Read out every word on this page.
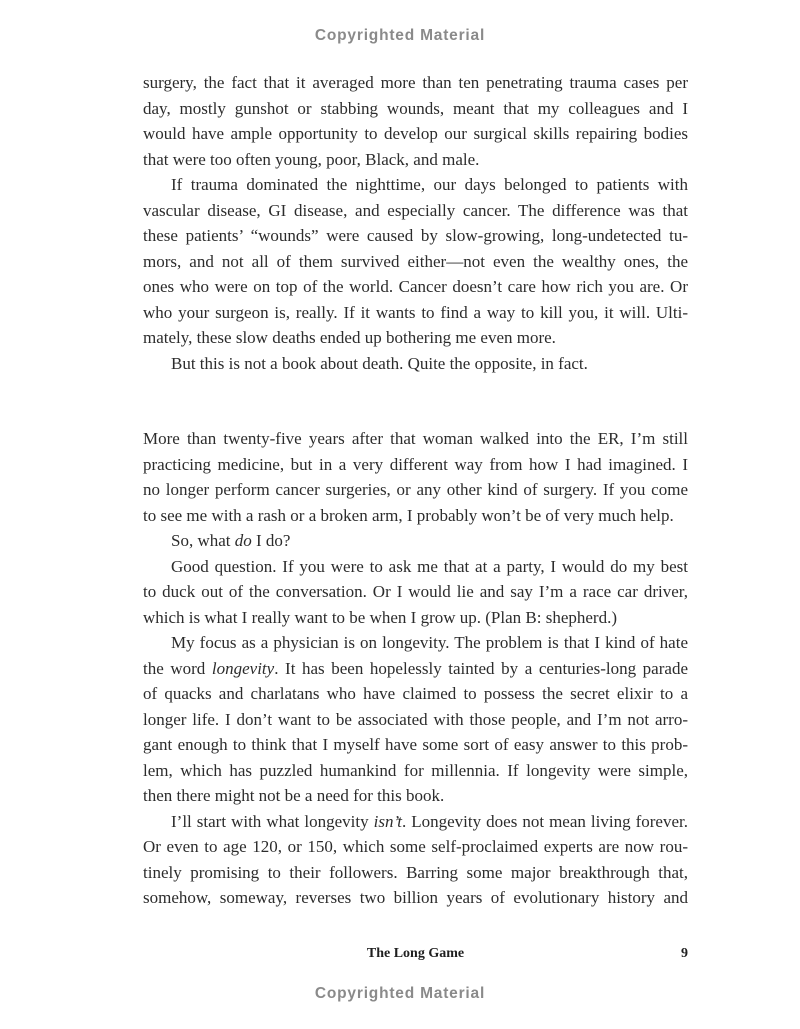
Copyrighted Material
surgery, the fact that it averaged more than ten penetrating trauma cases per
day, mostly gunshot or stabbing wounds, meant that my colleagues and I
would have ample opportunity to develop our surgical skills repairing bodies
that were too often young, poor, Black, and male.
If trauma dominated the nighttime, our days belonged to patients with
vascular disease, GI disease, and especially cancer. The difference was that
these patients’ “wounds” were caused by slow-growing, long-undetected tu-
mors, and not all of them survived either—not even the wealthy ones, the
ones who were on top of the world. Cancer doesn’t care how rich you are. Or
who your surgeon is, really. If it wants to find a way to kill you, it will. Ulti-
mately, these slow deaths ended up bothering me even more.
But this is not a book about death. Quite the opposite, in fact.
More than twenty-five years after that woman walked into the ER, I’m still
practicing medicine, but in a very different way from how I had imagined. I
no longer perform cancer surgeries, or any other kind of surgery. If you come
to see me with a rash or a broken arm, I probably won’t be of very much help.
So, what do I do?
Good question. If you were to ask me that at a party, I would do my best
to duck out of the conversation. Or I would lie and say I’m a race car driver,
which is what I really want to be when I grow up. (Plan B: shepherd.)
My focus as a physician is on longevity. The problem is that I kind of hate
the word longevity. It has been hopelessly tainted by a centuries-long parade
of quacks and charlatans who have claimed to possess the secret elixir to a
longer life. I don’t want to be associated with those people, and I’m not arro-
gant enough to think that I myself have some sort of easy answer to this prob-
lem, which has puzzled humankind for millennia. If longevity were simple,
then there might not be a need for this book.
I’ll start with what longevity isn’t. Longevity does not mean living forever.
Or even to age 120, or 150, which some self-proclaimed experts are now rou-
tinely promising to their followers. Barring some major breakthrough that,
somehow, someway, reverses two billion years of evolutionary history and
The Long Game	9
Copyrighted Material
